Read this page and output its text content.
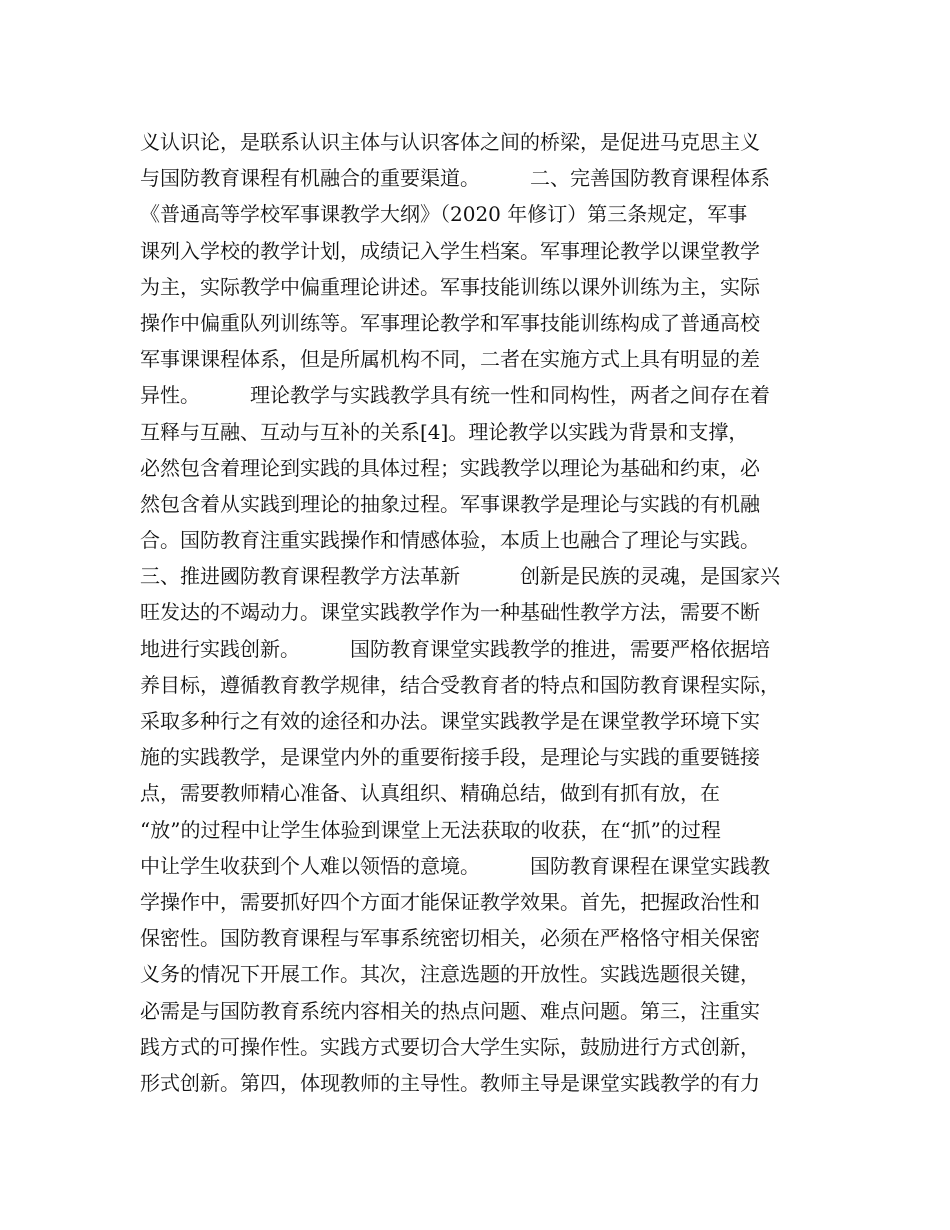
义认识论，是联系认识主体与认识客体之间的桥梁，是促进马克思主义
与国防教育课程有机融合的重要渠道。　　　二、完善国防教育课程体系
《普通高等学校军事课教学大纲》（2020 年修订）第三条规定，军事
课列入学校的教学计划，成绩记入学生档案。军事理论教学以课堂教学
为主，实际教学中偏重理论讲述。军事技能训练以课外训练为主，实际
操作中偏重队列训练等。军事理论教学和军事技能训练构成了普通高校
军事课课程体系，但是所属机构不同，二者在实施方式上具有明显的差
异性。　　　理论教学与实践教学具有统一性和同构性，两者之间存在着
互释与互融、互动与互补的关系[4]。理论教学以实践为背景和支撑，
必然包含着理论到实践的具体过程；实践教学以理论为基础和约束，必
然包含着从实践到理论的抽象过程。军事课教学是理论与实践的有机融
合。国防教育注重实践操作和情感体验，本质上也融合了理论与实践。
三、推进國防教育课程教学方法革新　　　创新是民族的灵魂，是国家兴
旺发达的不竭动力。课堂实践教学作为一种基础性教学方法，需要不断
地进行实践创新。　　　国防教育课堂实践教学的推进，需要严格依据培
养目标，遵循教育教学规律，结合受教育者的特点和国防教育课程实际，
采取多种行之有效的途径和办法。课堂实践教学是在课堂教学环境下实
施的实践教学，是课堂内外的重要衔接手段，是理论与实践的重要链接
点，需要教师精心准备、认真组织、精确总结，做到有抓有放，在
“放”的过程中让学生体验到课堂上无法获取的收获，在“抓”的过程
中让学生收获到个人难以领悟的意境。　　　国防教育课程在课堂实践教
学操作中，需要抓好四个方面才能保证教学效果。首先，把握政治性和
保密性。国防教育课程与军事系统密切相关，必须在严格恪守相关保密
义务的情况下开展工作。其次，注意选题的开放性。实践选题很关键，
必需是与国防教育系统内容相关的热点问题、难点问题。第三，注重实
践方式的可操作性。实践方式要切合大学生实际，鼓励进行方式创新，
形式创新。第四，体现教师的主导性。教师主导是课堂实践教学的有力
